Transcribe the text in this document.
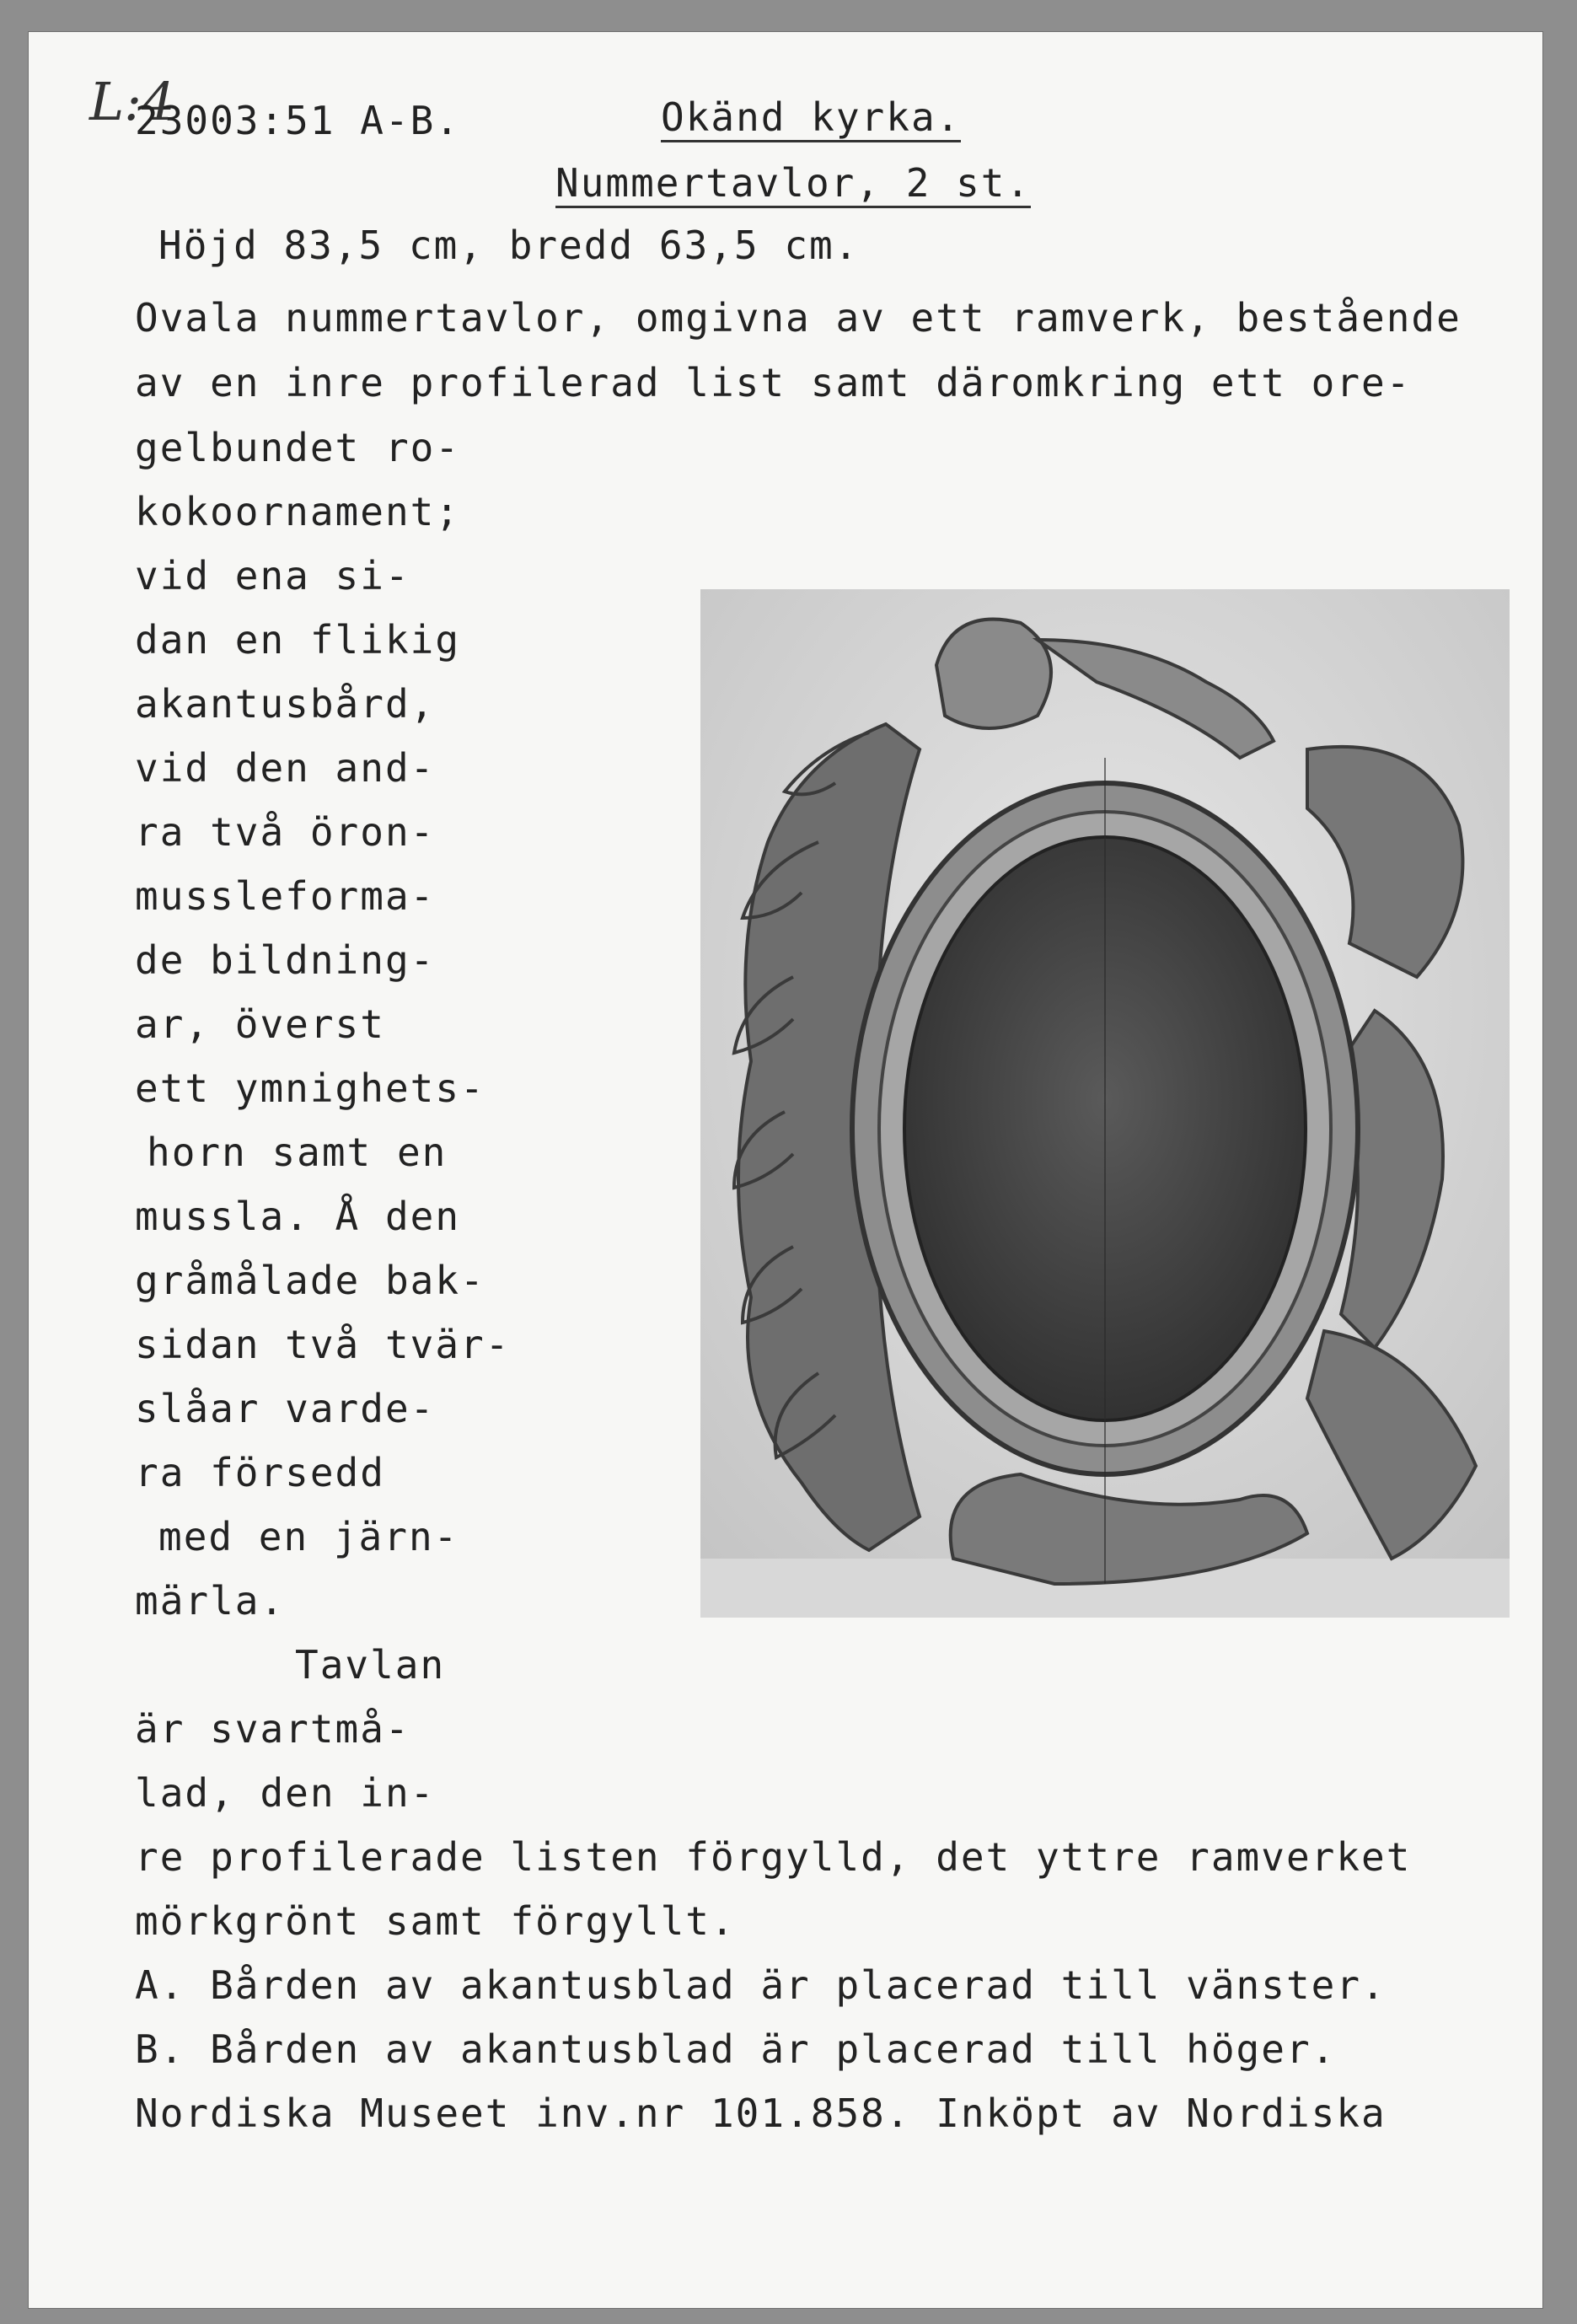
L:4
23003:51 A-B.	Okänd kyrka.
Nummertavlor, 2 st.
Höjd 83,5 cm, bredd 63,5 cm.
Ovala nummertavlor, omgivna av ett ramverk, bestående
av en inre profilerad list samt däromkring ett ore-
gelbundet ro-
kokoornament;
vid ena si-
dan en flikig
akantusbård,
vid den and-
ra två öron-
mussleforma-
de bildning-
ar, överst
ett ymnighets-
horn samt en
mussla. Å den
gråmålade bak-
sidan två tvär-
slåar varde-
ra försedd
med en järn-
märla.
Tavlan
är svartmå-
lad, den in-
re profilerade listen förgylld, det yttre ramverket
mörkgrönt samt förgyllt.
A. Bården av akantusblad är placerad till vänster.
B. Bården av akantusblad är placerad till höger.
Nordiska Museet inv.nr 101.858. Inköpt av Nordiska
